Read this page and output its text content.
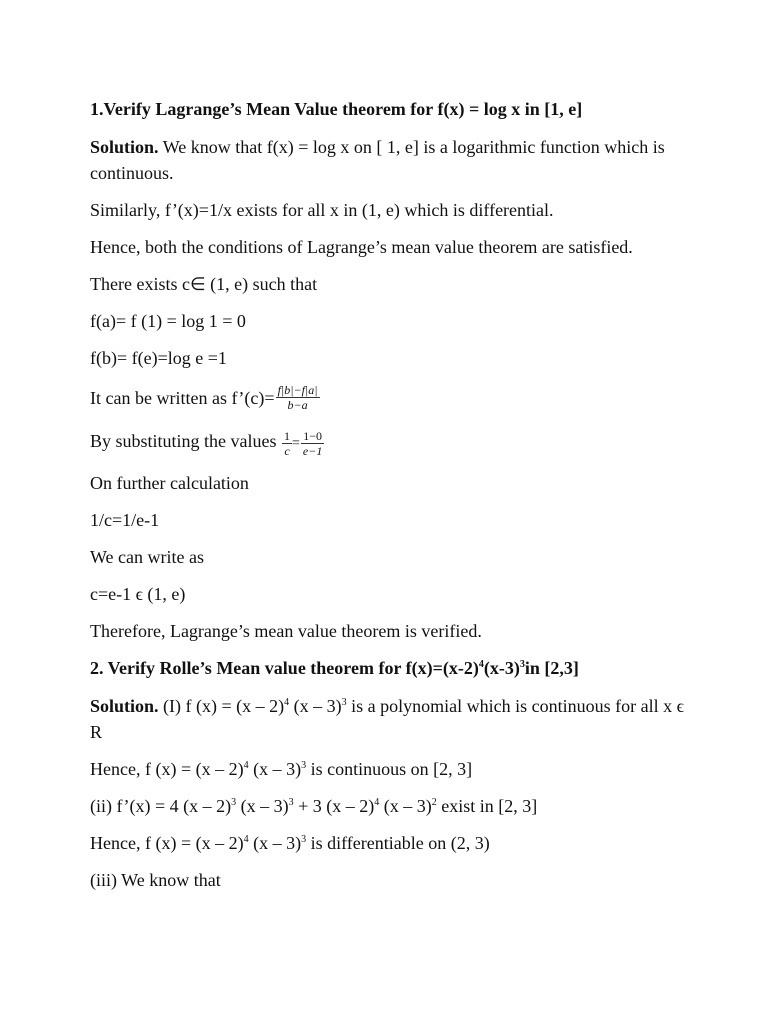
1.Verify Lagrange’s Mean Value theorem for f(x) = log x in [1, e]

Solution. We know that f(x) = log x on [ 1, e] is a logarithmic function which is continuous.

Similarly, f’(x)=1/x exists for all x in (1, e) which is differential.

Hence, both the conditions of Lagrange’s mean value theorem are satisfied.

There exists c∈ (1, e) such that

f(a)= f (1) = log 1 = 0

f(b)= f(e)=log e =1

It can be written as f’(c)= $\frac{f|b|-f|a|}{b-a}$

By substituting the values $\frac{1}{c} = \frac{1-0}{e-1}$

On further calculation

1/c=1/e-1

We can write as

c=e-1 ϵ (1, e)

Therefore, Lagrange’s mean value theorem is verified.

2. Verify Rolle’s Mean value theorem for $f(x)=(x-2)^4(x-3)^3in$ [2,3]

Solution. (I) f (x) = (x – 2)$^4$ (x – 3)$^3$ is a polynomial which is continuous for all x ϵ R

Hence, f (x) = (x – 2)$^4$ (x – 3)$^3$ is continuous on [2, 3]

(ii) f’(x) = 4 (x – 2)$^3$ (x – 3)$^3$ + 3 (x – 2)$^4$ (x – 3)$^2$ exist in [2, 3]

Hence, f (x) = (x – 2)$^4$ (x – 3)$^3$ is differentiable on (2, 3)

(iii) We know that
